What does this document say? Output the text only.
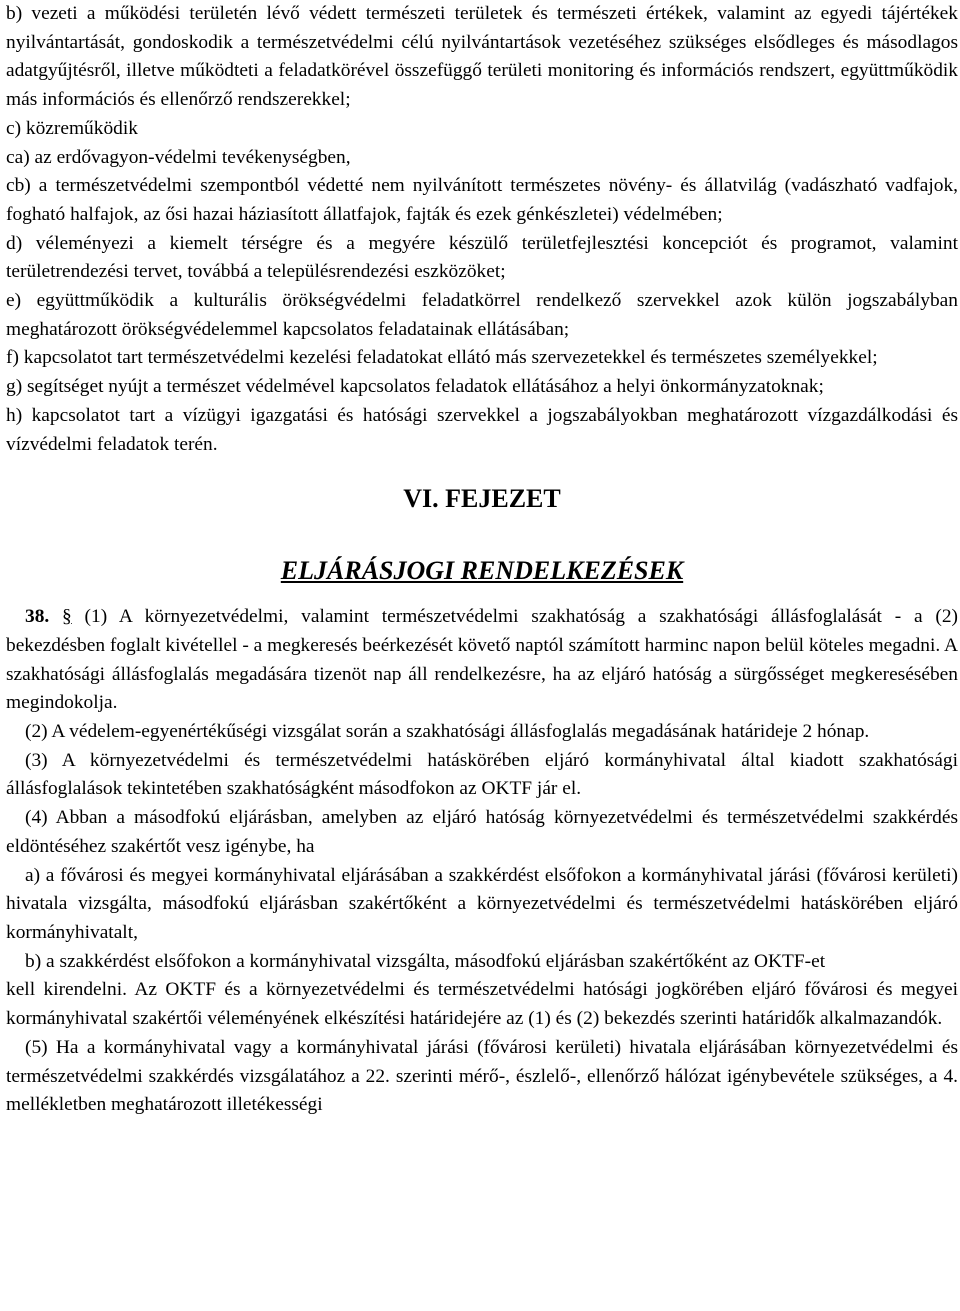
b) vezeti a működési területén lévő védett természeti területek és természeti értékek, valamint az egyedi tájértékek nyilvántartását, gondoskodik a természetvédelmi célú nyilvántartások vezetéséhez szükséges elsődleges és másodlagos adatgyűjtésről, illetve működteti a feladatkörével összefüggő területi monitoring és információs rendszert, együttműködik más információs és ellenőrző rendszerekkel;

c) közreműködik

ca) az erdővagyon-védelmi tevékenységben,

cb) a természetvédelmi szempontból védetté nem nyilvánított természetes növény- és állatvilág (vadászható vadfajok, fogható halfajok, az ősi hazai háziasított állatfajok, fajták és ezek génkészletei) védelmében;

d) véleményezi a kiemelt térségre és a megyére készülő területfejlesztési koncepciót és programot, valamint területrendezési tervet, továbbá a településrendezési eszközöket;

e) együttműködik a kulturális örökségvédelmi feladatkörrel rendelkező szervekkel azok külön jogszabályban meghatározott örökségvédelemmel kapcsolatos feladatainak ellátásában;

f) kapcsolatot tart természetvédelmi kezelési feladatokat ellátó más szervezetekkel és természetes személyekkel;

g) segítséget nyújt a természet védelmével kapcsolatos feladatok ellátásához a helyi önkormányzatoknak;

h) kapcsolatot tart a vízügyi igazgatási és hatósági szervekkel a jogszabályokban meghatározott vízgazdálkodási és vízvédelmi feladatok terén.

VI. FEJEZET
ELJÁRÁSJOGI RENDELKEZÉSEK

38. § (1) A környezetvédelmi, valamint természetvédelmi szakhatóság a szakhatósági állásfoglalását - a (2) bekezdésben foglalt kivétellel - a megkeresés beérkezését követő naptól számított harminc napon belül köteles megadni. A szakhatósági állásfoglalás megadására tizenöt nap áll rendelkezésre, ha az eljáró hatóság a sürgősséget megkeresésében megindokolja.

(2) A védelem-egyenértékűségi vizsgálat során a szakhatósági állásfoglalás megadásának határideje 2 hónap.

(3) A környezetvédelmi és természetvédelmi hatáskörében eljáró kormányhivatal által kiadott szakhatósági állásfoglalások tekintetében szakhatóságként másodfokon az OKTF jár el.

(4) Abban a másodfokú eljárásban, amelyben az eljáró hatóság környezetvédelmi és természetvédelmi szakkérdés eldöntéséhez szakértőt vesz igénybe, ha

a) a fővárosi és megyei kormányhivatal eljárásában a szakkérdést elsőfokon a kormányhivatal járási (fővárosi kerületi) hivatala vizsgálta, másodfokú eljárásban szakértőként a környezetvédelmi és természetvédelmi hatáskörében eljáró kormányhivatalt,

b) a szakkérdést elsőfokon a kormányhivatal vizsgálta, másodfokú eljárásban szakértőként az OKTF-et

kell kirendelni. Az OKTF és a környezetvédelmi és természetvédelmi hatósági jogkörében eljáró fővárosi és megyei kormányhivatal szakértői véleményének elkészítési határidejére az (1) és (2) bekezdés szerinti határidők alkalmazandók.

(5) Ha a kormányhivatal vagy a kormányhivatal járási (fővárosi kerületi) hivatala eljárásában környezetvédelmi és természetvédelmi szakkérdés vizsgálatához a 22. szerinti mérő-, észlelő-, ellenőrző hálózat igénybevétele szükséges, a 4. mellékletben meghatározott illetékességi
